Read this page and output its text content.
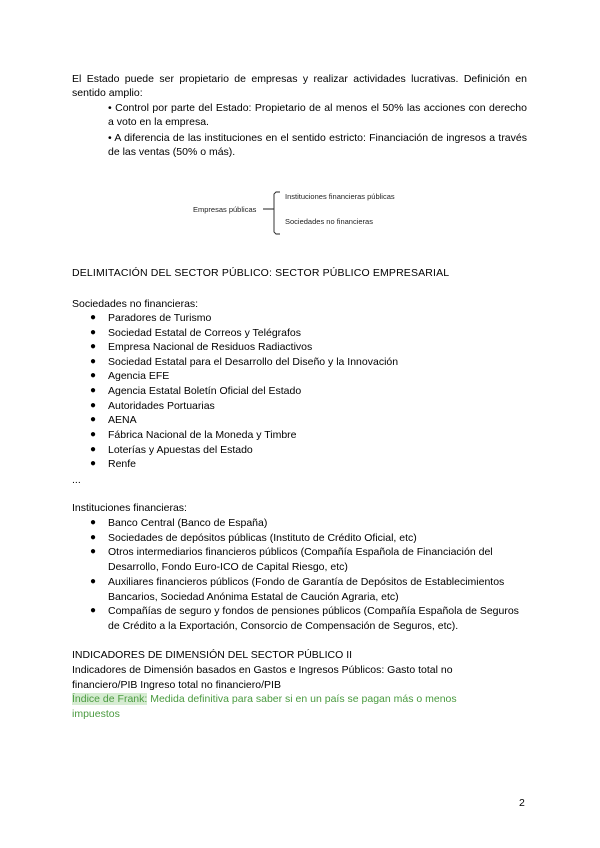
El Estado puede ser propietario de empresas y realizar actividades lucrativas. Definición en sentido amplio:

• Control por parte del Estado: Propietario de al menos el 50% las acciones con derecho a voto en la empresa.

• A diferencia de las instituciones en el sentido estricto: Financiación de ingresos a través de las ventas (50% o más).

Empresas públicas
Instituciones financieras públicas
Sociedades no financieras

DELIMITACIÓN DEL SECTOR PÚBLICO: SECTOR PÚBLICO EMPRESARIAL

Sociedades no financieras:

● Paradores de Turismo
● Sociedad Estatal de Correos y Telégrafos
● Empresa Nacional de Residuos Radiactivos
● Sociedad Estatal para el Desarrollo del Diseño y la Innovación
● Agencia EFE
● Agencia Estatal Boletín Oficial del Estado
● Autoridades Portuarias
● AENA
● Fábrica Nacional de la Moneda y Timbre
● Loterías y Apuestas del Estado
● Renfe

...

Instituciones financieras:

● Banco Central (Banco de España)
● Sociedades de depósitos públicas (Instituto de Crédito Oficial, etc)
● Otros intermediarios financieros públicos (Compañía Española de Financiación del Desarrollo, Fondo Euro-ICO de Capital Riesgo, etc)
● Auxiliares financieros públicos (Fondo de Garantía de Depósitos de Establecimientos Bancarios, Sociedad Anónima Estatal de Caución Agraria, etc)
● Compañías de seguro y fondos de pensiones públicos (Compañía Española de Seguros de Crédito a la Exportación, Consorcio de Compensación de Seguros, etc).

INDICADORES DE DIMENSIÓN DEL SECTOR PÚBLICO II

Indicadores de Dimensión basados en Gastos e Ingresos Públicos: Gasto total no financiero/PIB Ingreso total no financiero/PIB

Índice de Frank: Medida definitiva para saber si en un país se pagan más o menos impuestos

2
